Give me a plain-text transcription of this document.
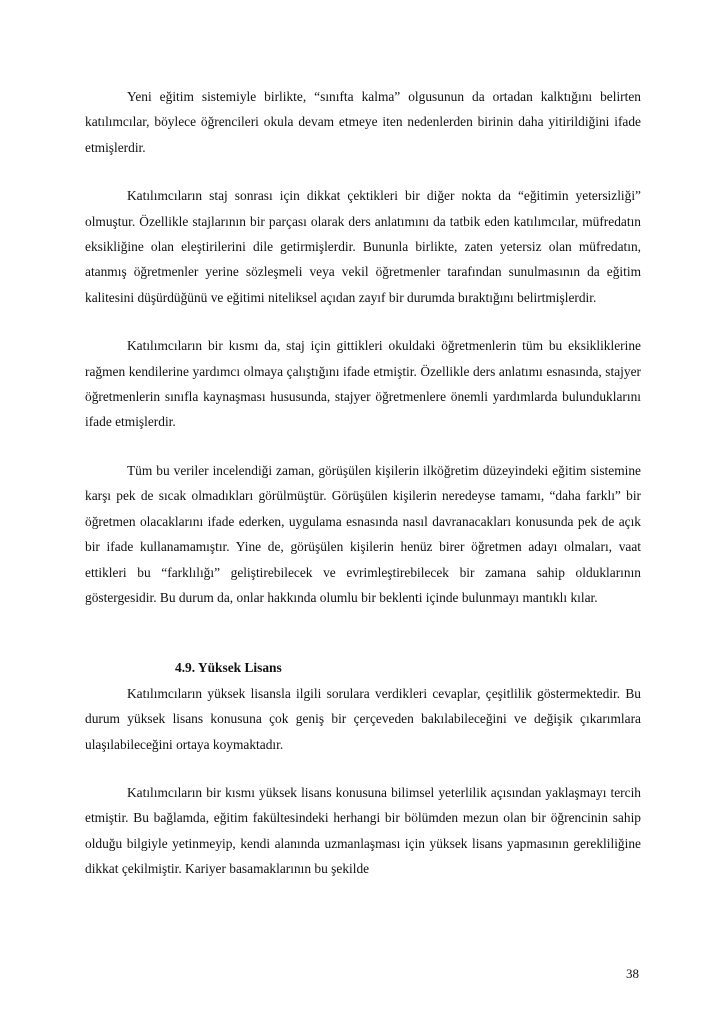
Yeni eğitim sistemiyle birlikte, “sınıfta kalma” olgusunun da ortadan kalktığını belirten katılımcılar, böylece öğrencileri okula devam etmeye iten nedenlerden birinin daha yitirildiğini ifade etmişlerdir.

Katılımcıların staj sonrası için dikkat çektikleri bir diğer nokta da “eğitimin yetersizliği” olmuştur. Özellikle stajlarının bir parçası olarak ders anlatımını da tatbik eden katılımcılar, müfredatın eksikliğine olan eleştirilerini dile getirmişlerdir. Bununla birlikte, zaten yetersiz olan müfredatın, atanmış öğretmenler yerine sözleşmeli veya vekil öğretmenler tarafından sunulmasının da eğitim kalitesini düşürdüğünü ve eğitimi niteliksel açıdan zayıf bir durumda bıraktığını belirtmişlerdir.

Katılımcıların bir kısmı da, staj için gittikleri okuldaki öğretmenlerin tüm bu eksikliklerine rağmen kendilerine yardımcı olmaya çalıştığını ifade etmiştir. Özellikle ders anlatımı esnasında, stajyer öğretmenlerin sınıfla kaynaşması hususunda, stajyer öğretmenlere önemli yardımlarda bulunduklarını ifade etmişlerdir.

Tüm bu veriler incelendiği zaman, görüşülen kişilerin ilköğretim düzeyindeki eğitim sistemine karşı pek de sıcak olmadıkları görülmüştür. Görüşülen kişilerin neredeyse tamamı, “daha farklı” bir öğretmen olacaklarını ifade ederken, uygulama esnasında nasıl davranacakları konusunda pek de açık bir ifade kullanamamıştır. Yine de, görüşülen kişilerin henüz birer öğretmen adayı olmaları, vaat ettikleri bu “farklılığı” geliştirebilecek ve evrimleştirebilecek bir zamana sahip olduklarının göstergesidir. Bu durum da, onlar hakkında olumlu bir beklenti içinde bulunmayı mantıklı kılar.

4.9. Yüksek Lisans

Katılımcıların yüksek lisansla ilgili sorulara verdikleri cevaplar, çeşitlilik göstermektedir. Bu durum yüksek lisans konusuna çok geniş bir çerçeveden bakılabileceğini ve değişik çıkarımlara ulaşılabileceğini ortaya koymaktadır.

Katılımcıların bir kısmı yüksek lisans konusuna bilimsel yeterlilik açısından yaklaşmayı tercih etmiştir. Bu bağlamda, eğitim fakültesindeki herhangi bir bölümden mezun olan bir öğrencinin sahip olduğu bilgiyle yetinmeyip, kendi alanında uzmanlaşması için yüksek lisans yapmasının gerekliliğine dikkat çekilmiştir. Kariyer basamaklarının bu şekilde

38
